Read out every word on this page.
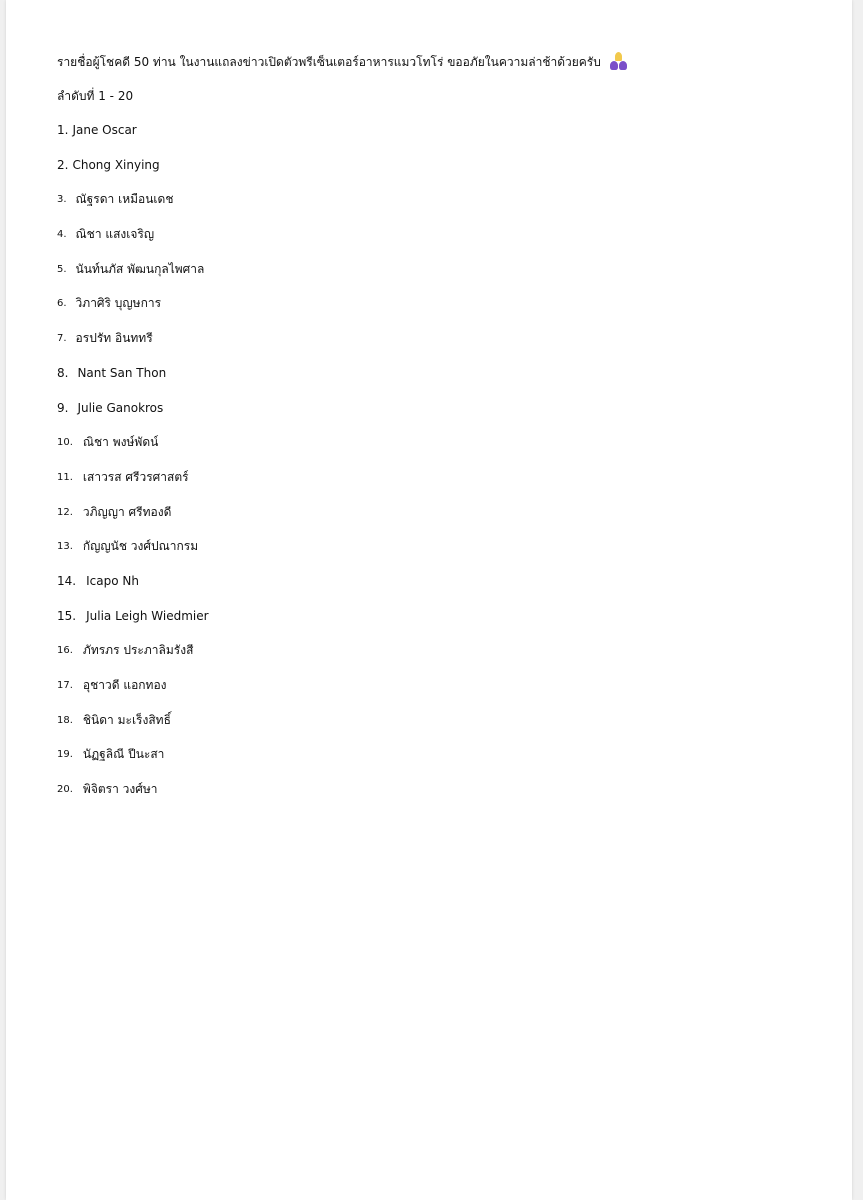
รายชื่อผู้โชคดี 50 ท่าน ในงานแถลงข่าวเปิดตัวพรีเซ็นเตอร์อาหารแมวโทโร่ ขออภัยในความล่าช้าด้วยครับ
ลำดับที่ 1 - 20
1. Jane Oscar
2. Chong Xinying
3. ณัฐรดา เหมือนเดช
4. ณิชา แสงเจริญ
5. นันท์นภัส พัฒนกุลไพศาล
6. วิภาศิริ บุญษการ
7. อรปรัท อินททรี
8. Nant San Thon
9. Julie Ganokros
10. ณิชา พงษ์พัดน์
11. เสาวรส ศรีวรศาสตร์
12. วภิญญา ศรีทองดี
13. กัญญนัช วงศ์ปณากรม
14. Icapo Nh
15. Julia Leigh Wiedmier
16. ภัทรภร ประภาลิมรังสี
17. อุชาวดี แอกทอง
18. ชินิดา มะเร็งสิทธิ์
19. นัฏฐลิณี ปีนะสา
20. พิจิตรา วงศ์ษา
